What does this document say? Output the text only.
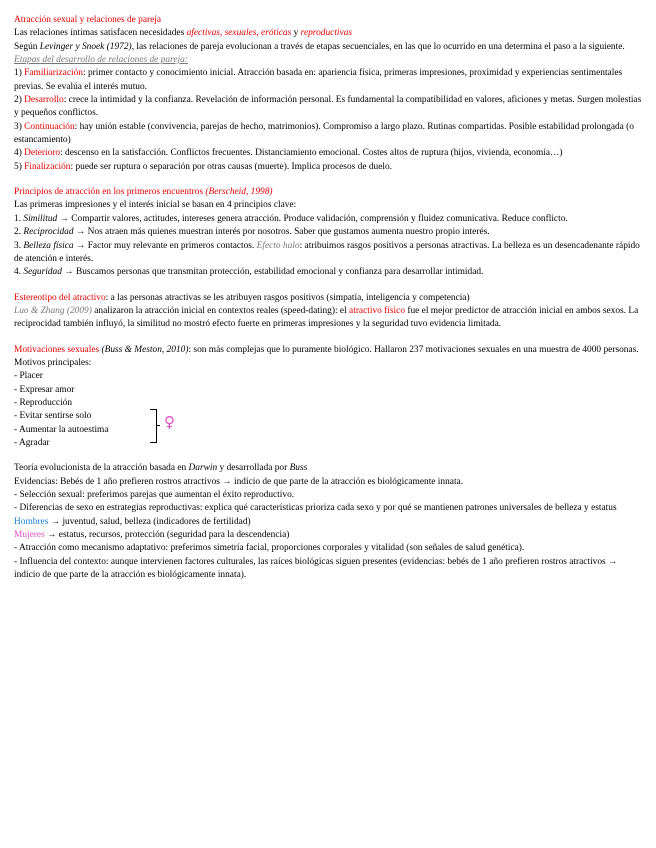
Atracción sexual y relaciones de pareja

Las relaciones íntimas satisfacen necesidades afectivas, sexuales, eróticas y reproductivas

Según Levinger y Snoek (1972), las relaciones de pareja evolucionan a través de etapas secuenciales, en las que lo ocurrido en una determina el paso a la siguiente.

Etapas del desarrollo de relaciones de pareja:

1) Familiarización: primer contacto y conocimiento inicial. Atracción basada en: apariencia física, primeras impresiones, proximidad y experiencias sentimentales previas. Se evalúa el interés mutuo.

2) Desarrollo: crece la intimidad y la confianza. Revelación de información personal. Es fundamental la compatibilidad en valores, aficiones y metas. Surgen molestias y pequeños conflictos.

3) Continuación: hay unión estable (convivencia, parejas de hecho, matrimonios). Compromiso a largo plazo. Rutinas compartidas. Posible estabilidad prolongada (o estancamiento)

4) Deterioro: descenso en la satisfacción. Conflictos frecuentes. Distanciamiento emocional. Costes altos de ruptura (hijos, vivienda, economía…)

5) Finalización: puede ser ruptura o separación por otras causas (muerte). Implica procesos de duelo.

Principios de atracción en los primeros encuentros (Berscheid, 1998)

Las primeras impresiones y el interés inicial se basan en 4 principios clave:

1. Similitud → Compartir valores, actitudes, intereses genera atracción. Produce validación, comprensión y fluidez comunicativa. Reduce conflicto.

2. Reciprocidad → Nos atraen más quienes muestran interés por nosotros. Saber que gustamos aumenta nuestro propio interés.

3. Belleza física → Factor muy relevante en primeros contactos. Efecto halo: atribuimos rasgos positivos a personas atractivas. La belleza es un desencadenante rápido de atención e interés.

4. Seguridad → Buscamos personas que transmitan protección, estabilidad emocional y confianza para desarrollar intimidad.

Estereotipo del atractivo: a las personas atractivas se les atribuyen rasgos positivos (simpatía, inteligencia y competencia)

Luo & Zhang (2009) analizaron la atracción inicial en contextos reales (speed-dating): el atractivo físico fue el mejor predictor de atracción inicial en ambos sexos. La reciprocidad también influyó, la similitud no mostró efecto fuerte en primeras impresiones y la seguridad tuvo evidencia limitada.

Motivaciones sexuales (Buss & Meston, 2010): son más complejas que lo puramente biológico. Hallaron 237 motivaciones sexuales en una muestra de 4000 personas. Motivos principales:

- Placer

- Expresar amor

- Reproducción

♀

- Evitar sentirse solo

- Aumentar la autoestima

- Agradar

Teoría evolucionista de la atracción basada en Darwin y desarrollada por Buss

Evidencias: Bebés de 1 año prefieren rostros atractivos → indicio de que parte de la atracción es biológicamente innata.

- Selección sexual: preferimos parejas que aumentan el éxito reproductivo.

- Diferencias de sexo en estrategias reproductivas: explica qué características prioriza cada sexo y por qué se mantienen patrones universales de belleza y estatus

Hombres → juventud, salud, belleza (indicadores de fertilidad)

Mujeres → estatus, recursos, protección (seguridad para la descendencia)

- Atracción como mecanismo adaptativo: preferimos simetría facial, proporciones corporales y vitalidad (son señales de salud genética).

- Influencia del contexto: aunque intervienen factores culturales, las raíces biológicas siguen presentes (evidencias: bebés de 1 año prefieren rostros atractivos → indicio de que parte de la atracción es biológicamente innata).
